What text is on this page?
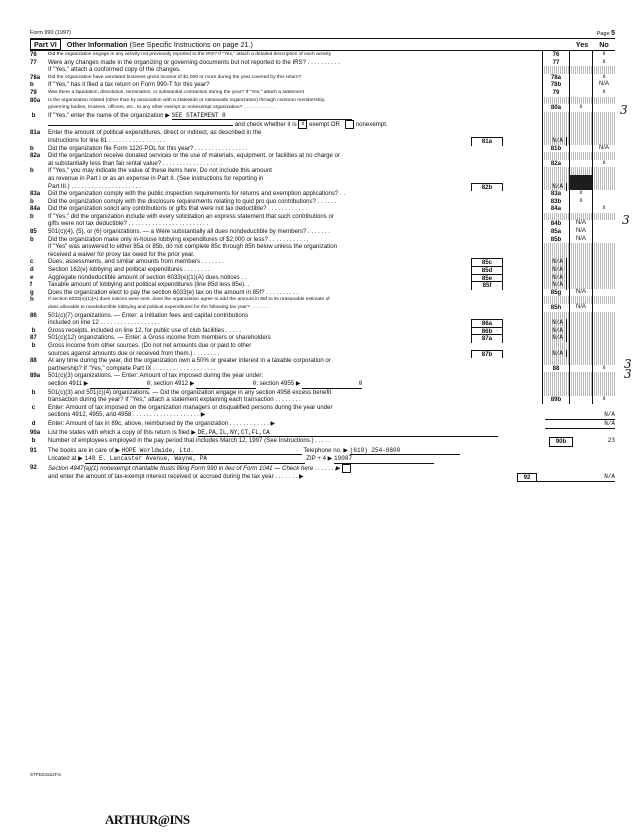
Form 990 (1997)	Page 5
Part VI	Other Information (See Specific Instructions on page 21.)	Yes	No
76	Did the organization engage in any activity not previously reported to the IRS? If "Yes," attach a detailed description of each activity	76	x
77	Were any changes made in the organizing or governing documents but not reported to the IRS? . . . . . . . . . .	77	x
If "Yes," attach a conformed copy of the changes.

78a	Did the organization have unrelated business gross income of $1,000 or more during the year covered by this return?	78a	x
b	If "Yes," has it filed a tax return on Form 990-T for this year?	78b	N/A
79	Was there a liquidation, dissolution, termination, or substantial contraction during the year? If "Yes," attach a statement	79	x
80a	Is the organization related (other than by association with a statewide or nationwide organization) through common membership,

governing bodies, trustees, officers, etc., to any other exempt or nonexempt organization? . . . . . . . . . . . .	80a	x
b	If "Yes," enter the name of the organization ▶ SEE STATEMENT 8

and check whether it is x exempt OR	nonexempt.

81a	Enter the amount of political expenditures, direct or indirect, as described in the

instructions for line 81 . . . . . . . . . . . . . . . . .	81a	N/A

b	Did the organization file Form 1120-POL for this year? . . . . . . . . . . . . . . . .	81b	N/A
82a	Did the organization receive donated services or the use of materials, equipment, or facilities at no charge or

at substantially less than fair rental value? . . . . . . . . . . . . . . . . . .	82a	x
b	If "Yes," you may indicate the value of these items here. Do not include this amount

as revenue in Part I or as an expense in Part II. (See instructions for reporting in

Part III.) . . . . . . . . . . . . . . . . . . . . .	82b	N/A

83a	Did the organization comply with the public inspection requirements for returns and exemption applications? . .	83a	x
b	Did the organization comply with the disclosure requirements relating to quid pro quo contributions? . . . . . .	83b	x
84a	Did the organization solicit any contributions or gifts that were not tax deductible? . . . . . . . . . . . .	84a	x
b	If "Yes," did the organization include with every solicitation an express statement that such contributions or

gifts were not tax deductible? . . . . . . . . . . . . . . . . . . . . . . . .	84b	N/A
85	501(c)(4), (5), or (6) organizations. — a Were substantially all dues nondeductible by members? . . . . . . .	85a	N/A
b	Did the organization make only in-house lobbying expenditures of $2,000 or less? . . . . . . . . . . . .	85b	N/A
If "Yes" was answered to either 85a or 85b, do not complete 85c through 85h below unless the organization

received a waiver for proxy tax owed for the prior year.

c	Dues, assessments, and similar amounts from members . . . . . . .	85c	N/A

d	Section 162(e) lobbying and political expenditures . . . . . . . .	85d	N/A

e	Aggregate nondeductible amount of section 6033(e)(1)(A) dues notices . .	85e	N/A

f	Taxable amount of lobbying and political expenditures (line 85d less 85e). .	85f	N/A

g	Does the organization elect to pay the section 6033(e) tax on the amount in 85f? . . . . . . . . . .	85g	N/A
h	If section 6033(e)(1)(A) dues notices were sent, does the organization agree to add the amount in 85f to its reasonable estimate of

dues allocable to nondeductible lobbying and political expenditures for the following tax year? . . . . . . .	85h	N/A
86	501(c)(7) organizations. — Enter: a Initiation fees and capital contributions

included on line 12 . . . . . . . . . . . . . . . . . .	86a	N/A

b	Gross receipts, included on line 12, for public use of club facilities . . . . .	86b	N/A

87	501(c)(12) organizations. — Enter: a Gross income from members or shareholders	87a	N/A

b	Gross income from other sources. (Do not net amounts due or paid to other

sources against amounts due or received from them.) . . . . . . . .	87b	N/A

88	At any time during the year, did the organization own a 50% or greater interest in a taxable corporation or

partnership? If "Yes," complete Part IX . . . . . . . . . . . . . . . . . . .	88	x
89a	501(c)(3) organizations. — Enter: Amount of tax imposed during the year under:

section 4911 ▶	0; section 4912 ▶	0; section 4955 ▶	0

b	501(c)(3) and 501(c)(4) organizations. — Did the organization engage in any section 4958 excess benefit

transaction during the year? If "Yes," attach a statement explaining each transaction . . . . . . . .	89b	x
c	Enter: Amount of tax imposed on the organization managers or disqualified persons during the year under
sections 4912, 4955, and 4958 . . . . . . . . . . . . . . . . . . . . ▶	N/A
d	Enter: Amount of tax in 89c, above, reimbursed by the organization . . . . . . . . . . . . ▶	N/A
90a	List the states with which a copy of this return is filed ▶ DE,PA,IL,NY,CT,FL,CA
b	Number of employees employed in the pay period that includes March 12, 1997 (See Instructions.) . . . . .	90b	23
91	The books are in care of ▶ HOPE Worldwide, Ltd.	Telephone no. ▶ (610) 254-8800
Located at ▶ 148 E. Lancaster Avenue, Wayne, PA	ZIP + 4 ▶ 19087
92	Section 4947(a)(1) nonexempt charitable trusts filing Form 990 in lieu of Form 1041 — Check here . . . . . . ▶
and enter the amount of tax-exempt interest received or accrued during the tax year . . . . . . . ▶	92	N/A
STFED1522F.5
ARTHUR@INS
3
3
3
3
